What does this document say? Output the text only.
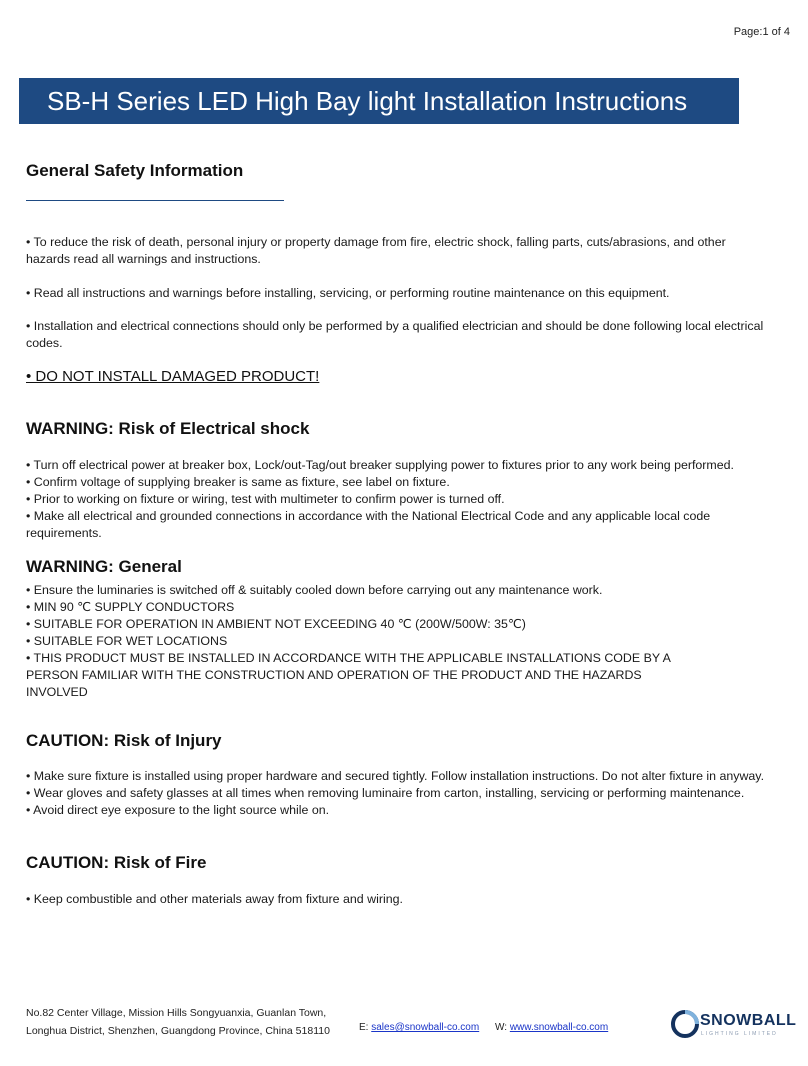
Page:1 of 4
SB-H Series LED High Bay light Installation Instructions
General Safety Information
• To reduce the risk of death, personal injury or property damage from fire, electric shock, falling parts, cuts/abrasions, and other
hazards read all warnings and instructions.
• Read all instructions and warnings before installing, servicing, or performing routine maintenance on this equipment.
• Installation and electrical connections should only be performed by a qualified electrician and should be done following local electrical
codes.
• DO NOT INSTALL DAMAGED PRODUCT!
WARNING: Risk of Electrical shock
• Turn off electrical power at breaker box, Lock/out-Tag/out breaker supplying power to fixtures prior to any work being performed.
• Confirm voltage of supplying breaker is same as fixture, see label on fixture.
• Prior to working on fixture or wiring, test with multimeter to confirm power is turned off.
• Make all electrical and grounded connections in accordance with the National Electrical Code and any applicable local code
requirements.
WARNING: General
• Ensure the luminaries is switched off & suitably cooled down before carrying out any maintenance work.
• MIN 90 ℃ SUPPLY CONDUCTORS
• SUITABLE FOR OPERATION IN AMBIENT NOT EXCEEDING 40 ℃ (200W/500W: 35℃)
• SUITABLE FOR WET LOCATIONS
• THIS PRODUCT MUST BE INSTALLED IN ACCORDANCE WITH THE APPLICABLE INSTALLATIONS CODE BY A
PERSON FAMILIAR WITH THE CONSTRUCTION AND OPERATION OF THE PRODUCT AND THE HAZARDS
INVOLVED
CAUTION: Risk of Injury
• Make sure fixture is installed using proper hardware and secured tightly. Follow installation instructions. Do not alter fixture in anyway.
• Wear gloves and safety glasses at all times when removing luminaire from carton, installing, servicing or performing maintenance.
• Avoid direct eye exposure to the light source while on.
CAUTION: Risk of Fire
• Keep combustible and other materials away from fixture and wiring.
No.82 Center Village, Mission Hills Songyuanxia, Guanlan Town,
Longhua District, Shenzhen, Guangdong Province, China 518110	E: sales@snowball-co.com W: www.snowball-co.com	SNOWBALL
LIGHTING LIMITED
